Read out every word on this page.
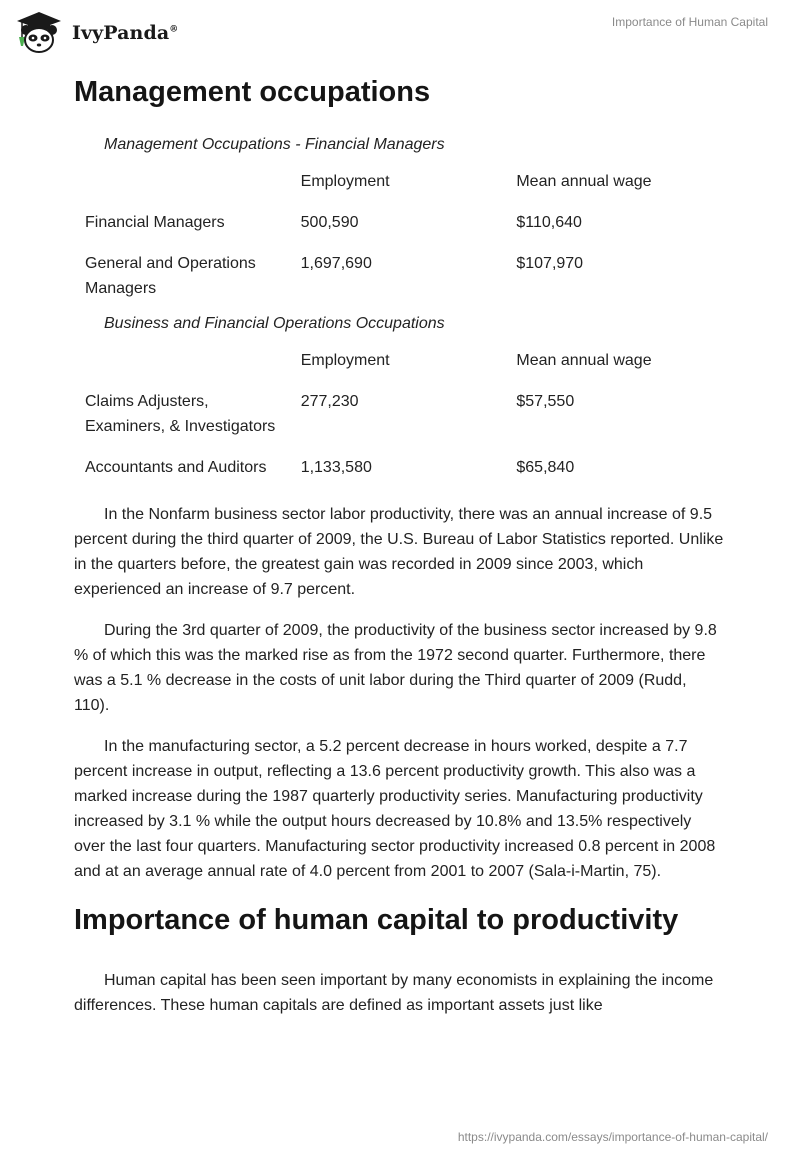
IvyPanda®
Importance of Human Capital
Management occupations
Management Occupations - Financial Managers
	Employment	Mean annual wage
Financial Managers	500,590	$110,640
General and Operations Managers	1,697,690	$107,970
Business and Financial Operations Occupations
	Employment	Mean annual wage
Claims Adjusters, Examiners, & Investigators	277,230	$57,550
Accountants and Auditors	1,133,580	$65,840

In the Nonfarm business sector labor productivity, there was an annual increase of 9.5 percent during the third quarter of 2009, the U.S. Bureau of Labor Statistics reported. Unlike in the quarters before, the greatest gain was recorded in 2009 since 2003, which experienced an increase of 9.7 percent.

During the 3rd quarter of 2009, the productivity of the business sector increased by 9.8 % of which this was the marked rise as from the 1972 second quarter. Furthermore, there was a 5.1 % decrease in the costs of unit labor during the Third quarter of 2009 (Rudd, 110).

In the manufacturing sector, a 5.2 percent decrease in hours worked, despite a 7.7 percent increase in output, reflecting a 13.6 percent productivity growth. This also was a marked increase during the 1987 quarterly productivity series. Manufacturing productivity increased by 3.1 % while the output hours decreased by 10.8% and 13.5% respectively over the last four quarters. Manufacturing sector productivity increased 0.8 percent in 2008 and at an average annual rate of 4.0 percent from 2001 to 2007 (Sala-i-Martin, 75).

Importance of human capital to productivity

Human capital has been seen important by many economists in explaining the income differences. These human capitals are defined as important assets just like

https://ivypanda.com/essays/importance-of-human-capital/
